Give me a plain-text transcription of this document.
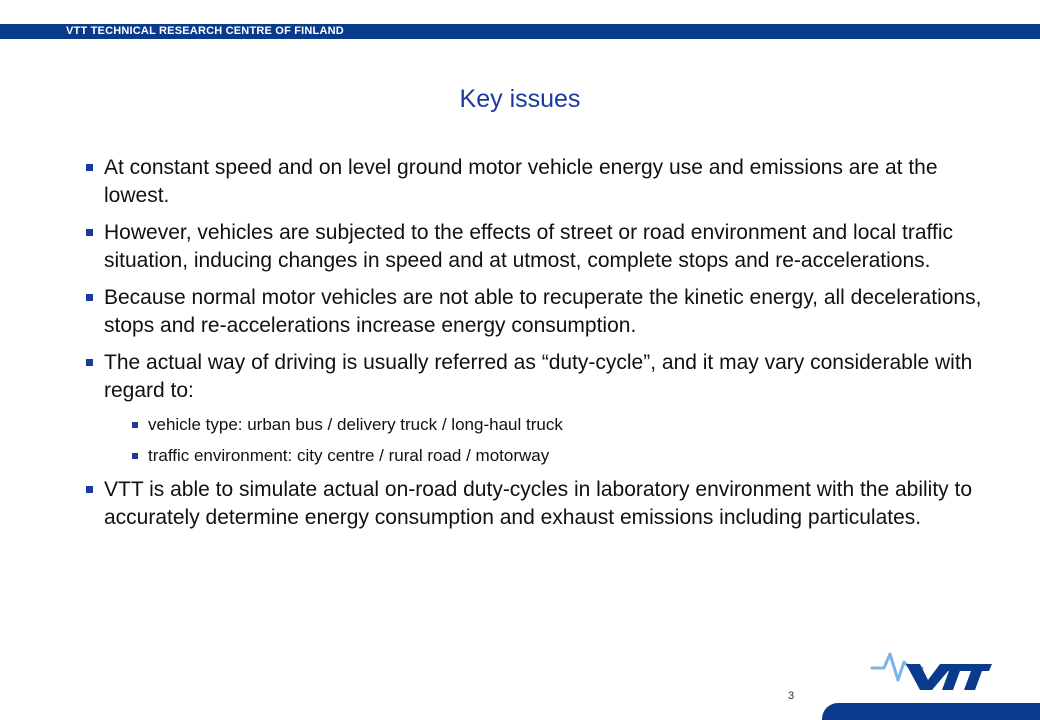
VTT TECHNICAL RESEARCH CENTRE OF FINLAND
Key issues
At constant speed and on level ground motor vehicle energy use and emissions are at the lowest.
However, vehicles are subjected to the effects of street or road environment and local traffic situation, inducing changes in speed and at utmost, complete stops and re-accelerations.
Because normal motor vehicles are not able to recuperate the kinetic energy, all decelerations, stops and re-accelerations increase energy consumption.
The actual way of driving is usually referred as “duty-cycle”, and it may vary considerable with regard to:
vehicle type: urban bus / delivery truck / long-haul truck
traffic environment: city centre / rural road / motorway
VTT is able to simulate actual on-road duty-cycles in laboratory environment with the ability to accurately determine energy consumption and exhaust emissions including particulates.
3
